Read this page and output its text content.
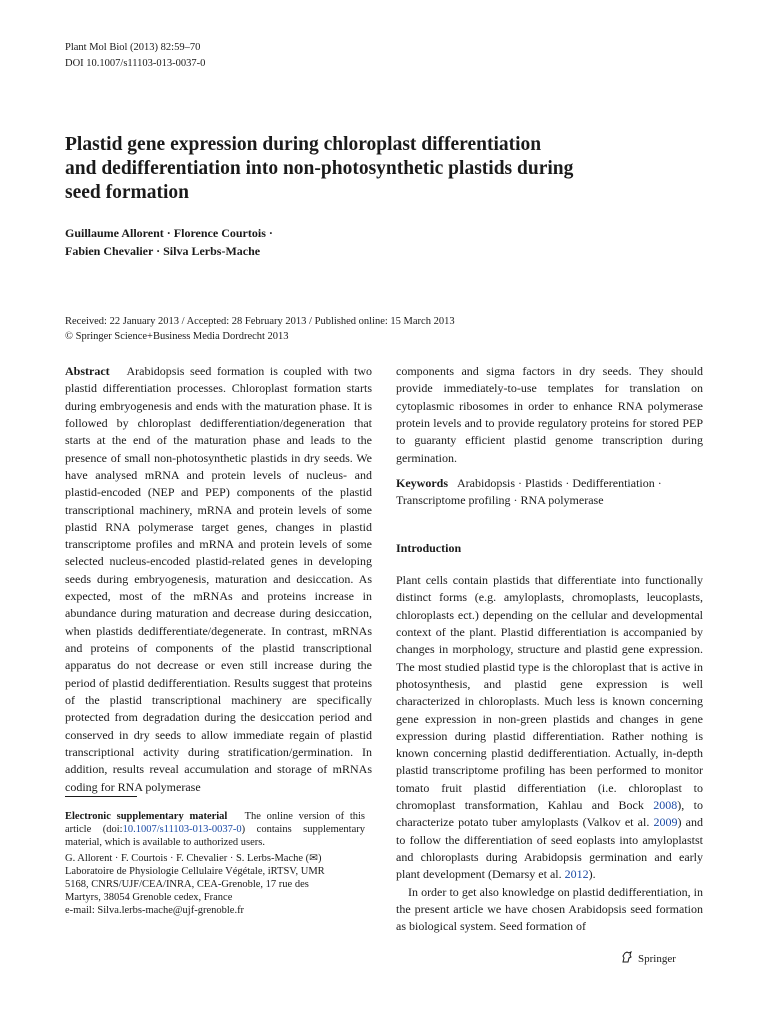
Plant Mol Biol (2013) 82:59–70
DOI 10.1007/s11103-013-0037-0
Plastid gene expression during chloroplast differentiation
and dedifferentiation into non-photosynthetic plastids during
seed formation
Guillaume Allorent · Florence Courtois ·
Fabien Chevalier · Silva Lerbs-Mache
Received: 22 January 2013 / Accepted: 28 February 2013 / Published online: 15 March 2013
© Springer Science+Business Media Dordrecht 2013

Abstract Arabidopsis seed formation is coupled with two plastid differentiation processes. Chloroplast formation starts during embryogenesis and ends with the maturation phase. It is followed by chloroplast dedifferentiation/degeneration that starts at the end of the maturation phase and leads to the presence of small non-photosynthetic plastids in dry seeds. We have analysed mRNA and protein levels of nucleus- and plastid-encoded (NEP and PEP) components of the plastid transcriptional machinery, mRNA and protein levels of some plastid RNA polymerase target genes, changes in plastid transcriptome profiles and mRNA and protein levels of some selected nucleus-encoded plastid-related genes in developing seeds during embryogenesis, maturation and desiccation. As expected, most of the mRNAs and proteins increase in abundance during maturation and decrease during desiccation, when plastids dedifferentiate/degenerate. In contrast, mRNAs and proteins of components of the plastid transcriptional apparatus do not decrease or even still increase during the period of plastid dedifferentiation. Results suggest that proteins of the plastid transcriptional machinery are specifically protected from degradation during the desiccation period and conserved in dry seeds to allow immediate regain of plastid transcriptional activity during stratification/germination. In addition, results reveal accumulation and storage of mRNAs coding for RNA polymerase

components and sigma factors in dry seeds. They should provide immediately-to-use templates for translation on cytoplasmic ribosomes in order to enhance RNA polymerase protein levels and to provide regulatory proteins for stored PEP to guaranty efficient plastid genome transcription during germination.

Keywords Arabidopsis · Plastids · Dedifferentiation · Transcriptome profiling · RNA polymerase
Introduction

Plant cells contain plastids that differentiate into functionally distinct forms (e.g. amyloplasts, chromoplasts, leucoplasts, chloroplasts ect.) depending on the cellular and developmental context of the plant. Plastid differentiation is accompanied by changes in morphology, structure and plastid gene expression. The most studied plastid type is the chloroplast that is active in photosynthesis, and plastid gene expression is well characterized in chloroplasts. Much less is known concerning gene expression in non-green plastids and changes in gene expression during plastid differentiation. Rather nothing is known concerning plastid dedifferentiation. Actually, in-depth plastid transcriptome profiling has been performed to monitor tomato fruit plastid differentiation (i.e. chloroplast to chromoplast transformation, Kahlau and Bock 2008), to characterize potato tuber amyloplasts (Valkov et al. 2009) and to follow the differentiation of seed eoplasts into amyloplastst and chloroplasts during Arabidopsis germination and early plant development (Demarsy et al. 2012).

In order to get also knowledge on plastid dedifferentiation, in the present article we have chosen Arabidopsis seed formation as biological system. Seed formation of

Electronic supplementary material The online version of this article (doi:10.1007/s11103-013-0037-0) contains supplementary material, which is available to authorized users.
G. Allorent · F. Courtois · F. Chevalier · S. Lerbs-Mache (✉)
Laboratoire de Physiologie Cellulaire Végétale, iRTSV, UMR
5168, CNRS/UJF/CEA/INRA, CEA-Grenoble, 17 rue des
Martyrs, 38054 Grenoble cedex, France
e-mail: Silva.lerbs-mache@ujf-grenoble.fr
Springer
